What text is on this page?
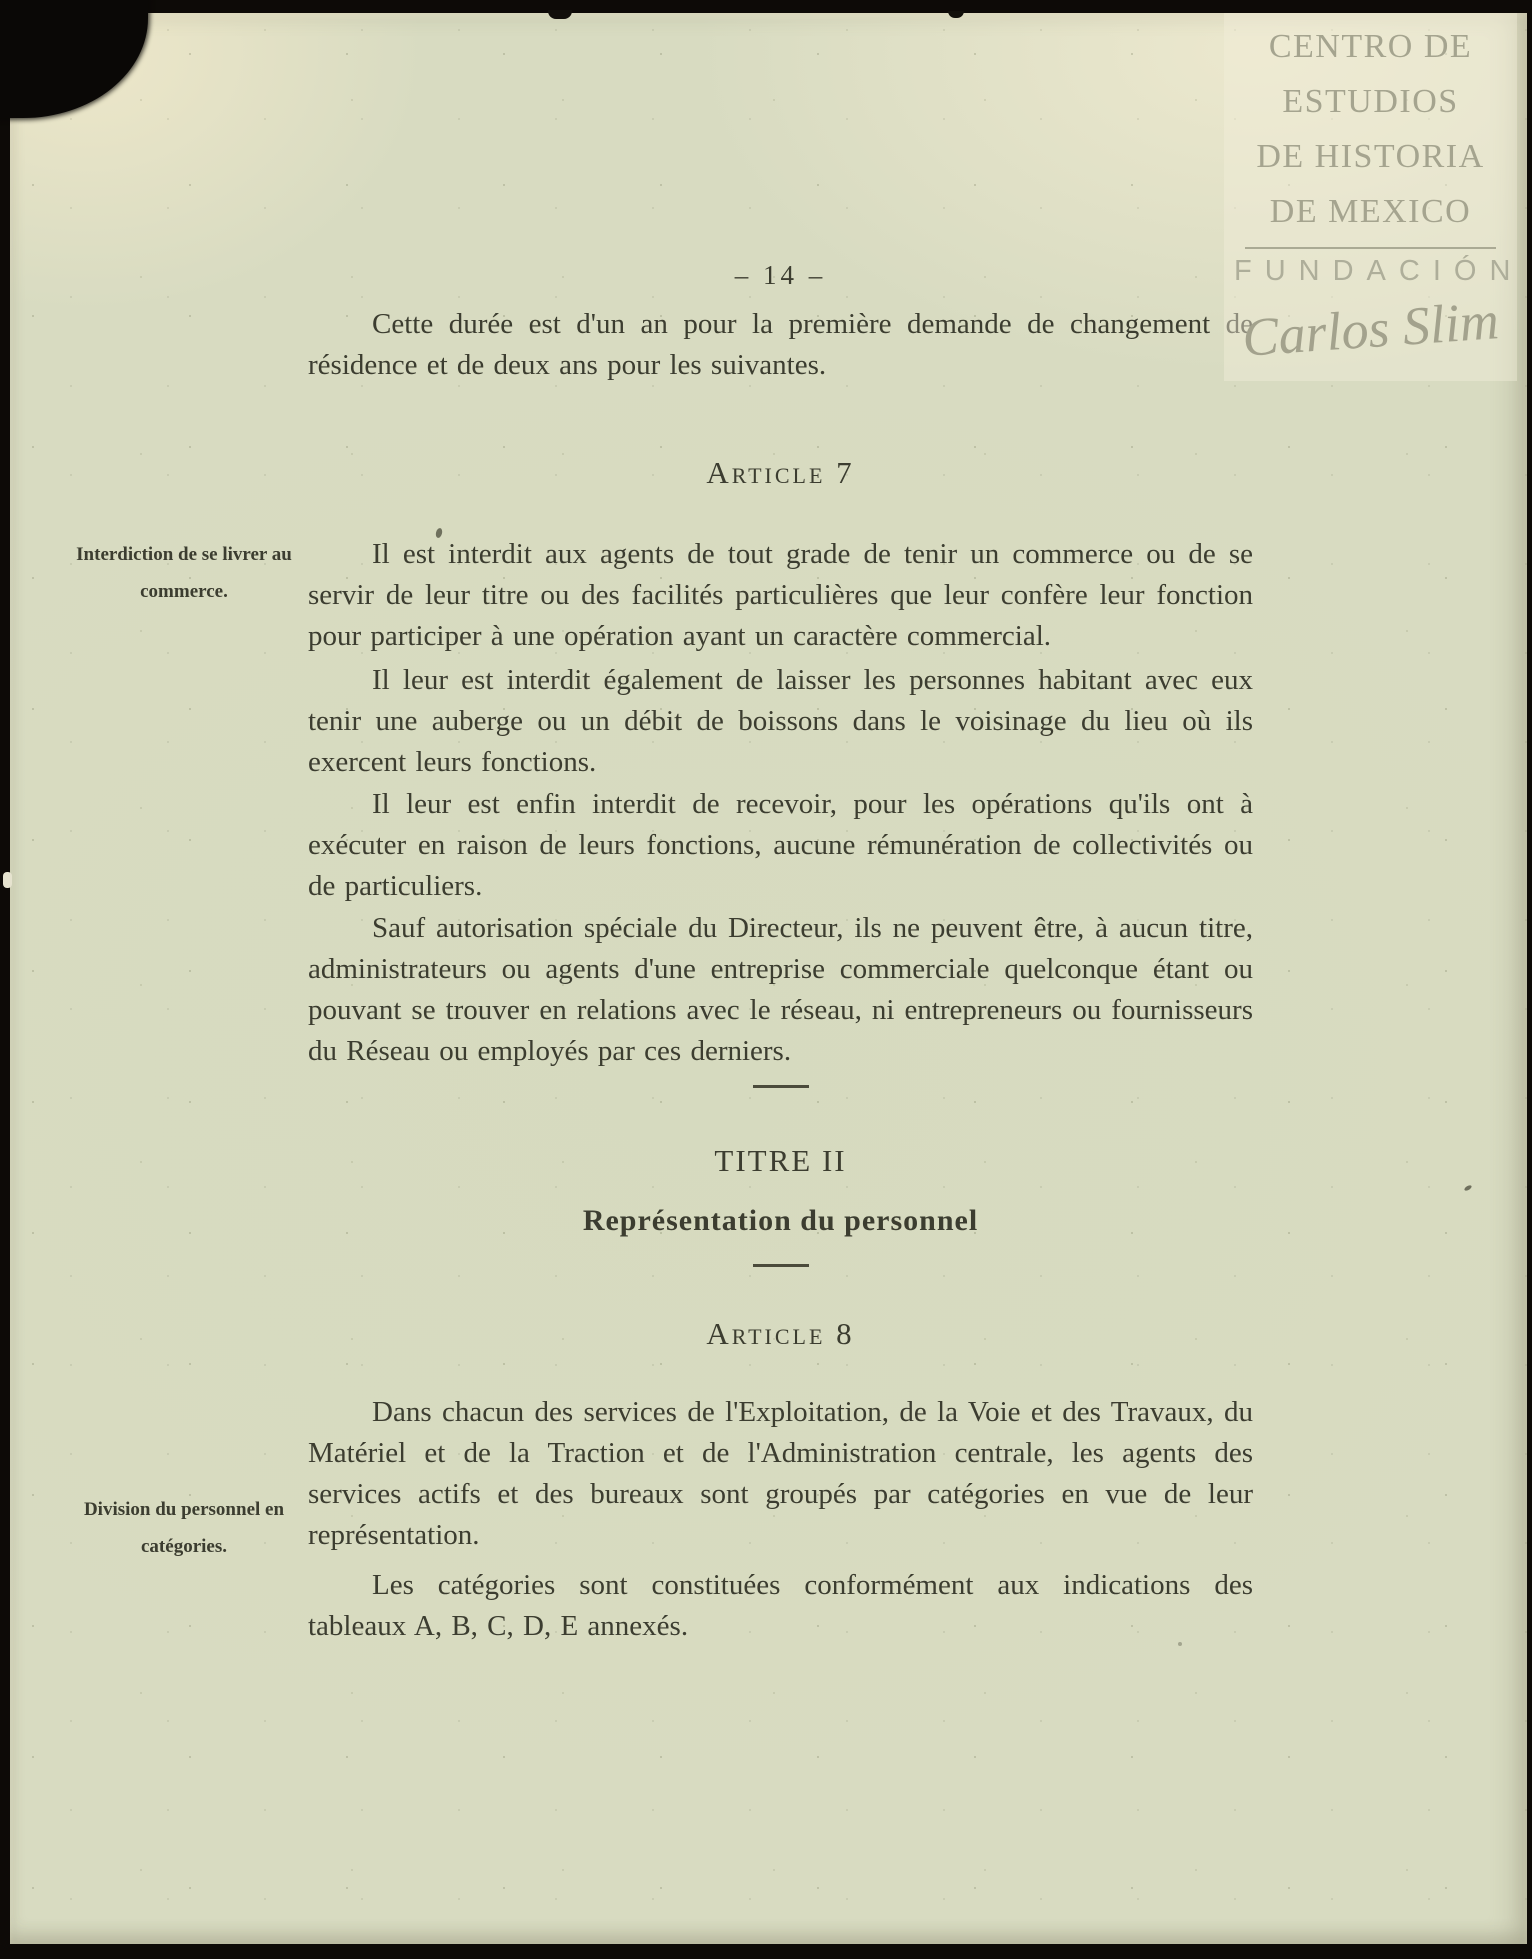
CENTRO DE
ESTUDIOS
DE HISTORIA
DE MEXICO
FUNDACIÓN
Carlos Slim
Interdiction de se livrer au commerce.
Division du personnel en catégories.
– 14 –

Cette durée est d'un an pour la première demande de changement de résidence et de deux ans pour les suivantes.

Article 7

Il est interdit aux agents de tout grade de tenir un commerce ou de se servir de leur titre ou des facilités particulières que leur confère leur fonction pour participer à une opération ayant un caractère commercial.

Il leur est interdit également de laisser les personnes habitant avec eux tenir une auberge ou un débit de boissons dans le voisinage du lieu où ils exercent leurs fonctions.

Il leur est enfin interdit de recevoir, pour les opérations qu'ils ont à exécuter en raison de leurs fonctions, aucune rémunération de collectivités ou de particuliers.

Sauf autorisation spéciale du Directeur, ils ne peuvent être, à aucun titre, administrateurs ou agents d'une entreprise commerciale quelconque étant ou pouvant se trouver en relations avec le réseau, ni entrepreneurs ou fournisseurs du Réseau ou employés par ces derniers.

TITRE II
Représentation du personnel
Article 8

Dans chacun des services de l'Exploitation, de la Voie et des Travaux, du Matériel et de la Traction et de l'Administration centrale, les agents des services actifs et des bureaux sont groupés par catégories en vue de leur représentation.

Les catégories sont constituées conformément aux indications des tableaux A, B, C, D, E annexés.
